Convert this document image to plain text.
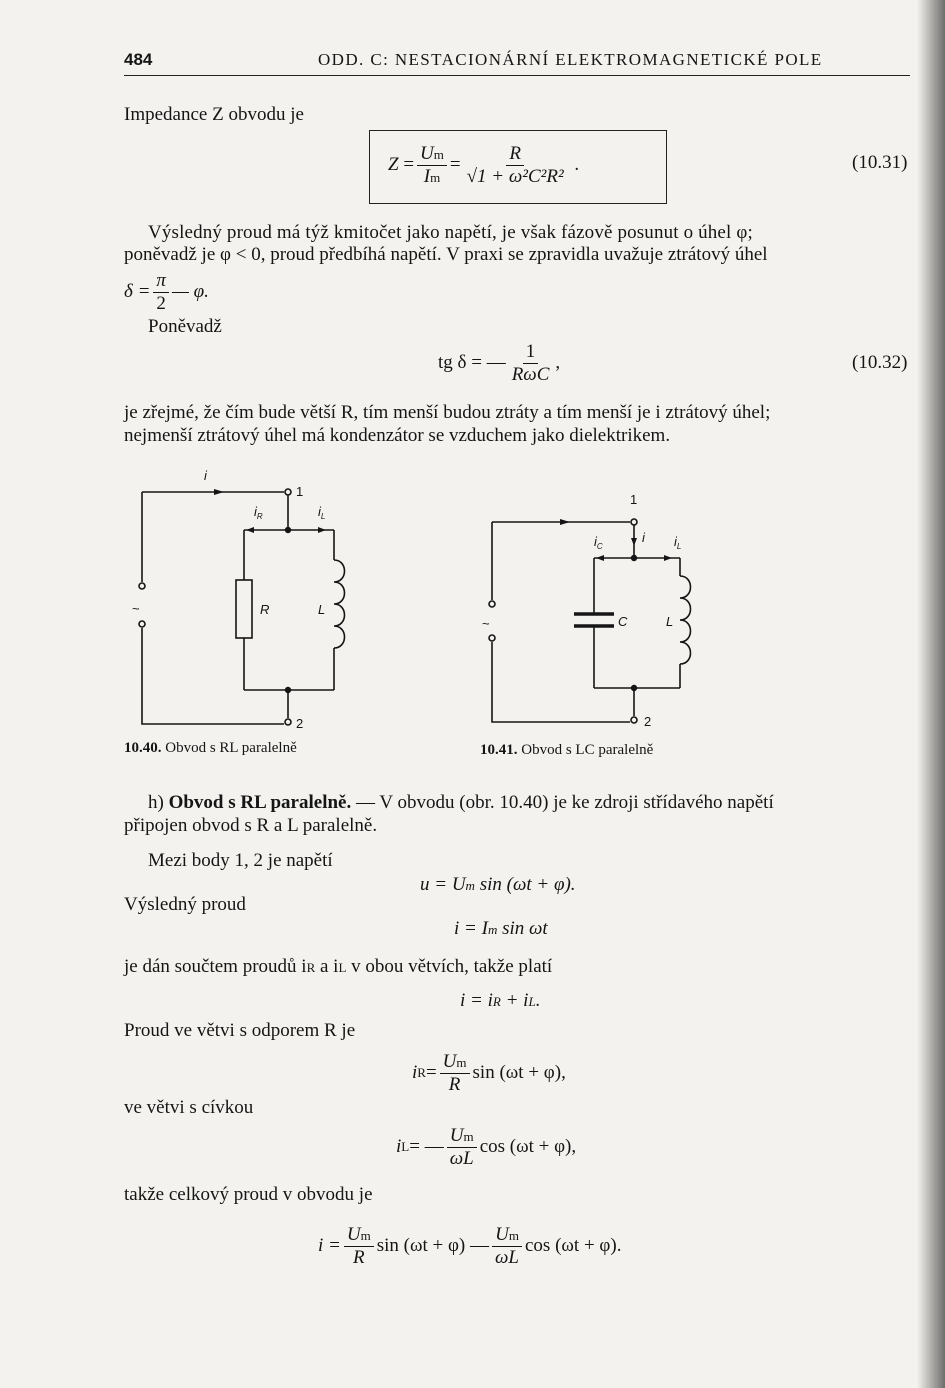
484	ODD. C: NESTACIONÁRNÍ ELEKTROMAGNETICKÉ POLE
Impedance Z obvodu je
$Z = \frac{Um}{Im} = \frac{R}{\text{√1 + ω²C²R²}}$ .	(10.31)
Výsledný proud má týž kmitočet jako napětí, je však fázově posunut o úhel φ;
poněvadž je φ < 0, proud předbíhá napětí. V praxi se zpravidla uvažuje ztrátový úhel
$\delta = \frac{\pi}{2}$ — φ.
Poněvadž
tg δ = — $\frac{1}{\text{RωC}}$ ,	(10.32)
je zřejmé, že čím bude větší R, tím menší budou ztráty a tím menší je i ztrátový úhel;
nejmenší ztrátový úhel má kondenzátor se vzduchem jako dielektrikem.
i
$i_R$	$i_L$
R	L
1
2
~
10.40. Obvod s RL paralelně
i
$i_C$	$i_L$
C	L
1
2
~
10.41. Obvod s LC paralelně
h) Obvod s RL paralelně. — V obvodu (obr. 10.40) je ke zdroji střídavého napětí
připojen obvod s R a L paralelně.
Mezi body 1, 2 je napětí
u = Um sin (ωt + φ).
Výsledný proud
i = Im sin ωt
je dán součtem proudů iR a iL v obou větvích, takže platí
i = iR + iL.
Proud ve větvi s odporem R je
i $R = \frac{Um}{R}$ sin (ωt + φ),
ve větvi s cívkou
i L = — $\frac{Um}{\omega L}$ cos (ωt + φ),
takže celkový proud v obvodu je
$i = \frac{Um}{R}$ sin (ωt + φ) — $\frac{Um}{\omega L}$ cos (ωt + φ).
